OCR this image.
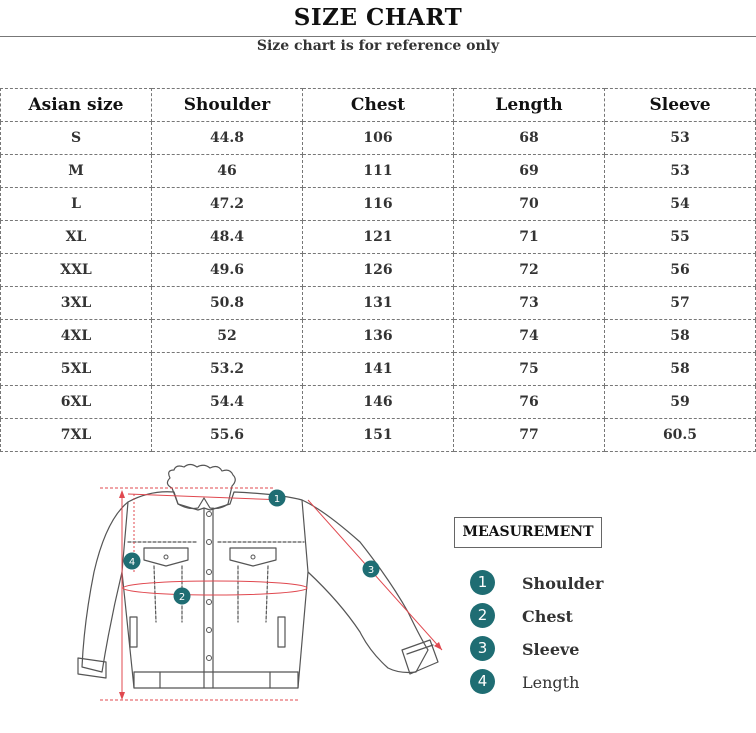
SIZE CHART
Size chart is for reference only
Asian size	Shoulder	Chest	Length	Sleeve
S	44.8	106	68	53
M	46	111	69	53
L	47.2	116	70	54
XL	48.4	121	71	55
XXL	49.6	126	72	56
3XL	50.8	131	73	57
4XL	52	136	74	58
5XL	53.2	141	75	58
6XL	54.4	146	76	59
7XL	55.6	151	77	60.5
1
2
3
4
MEASUREMENT
1	Shoulder
2	Chest
3	Sleeve
4	Length
